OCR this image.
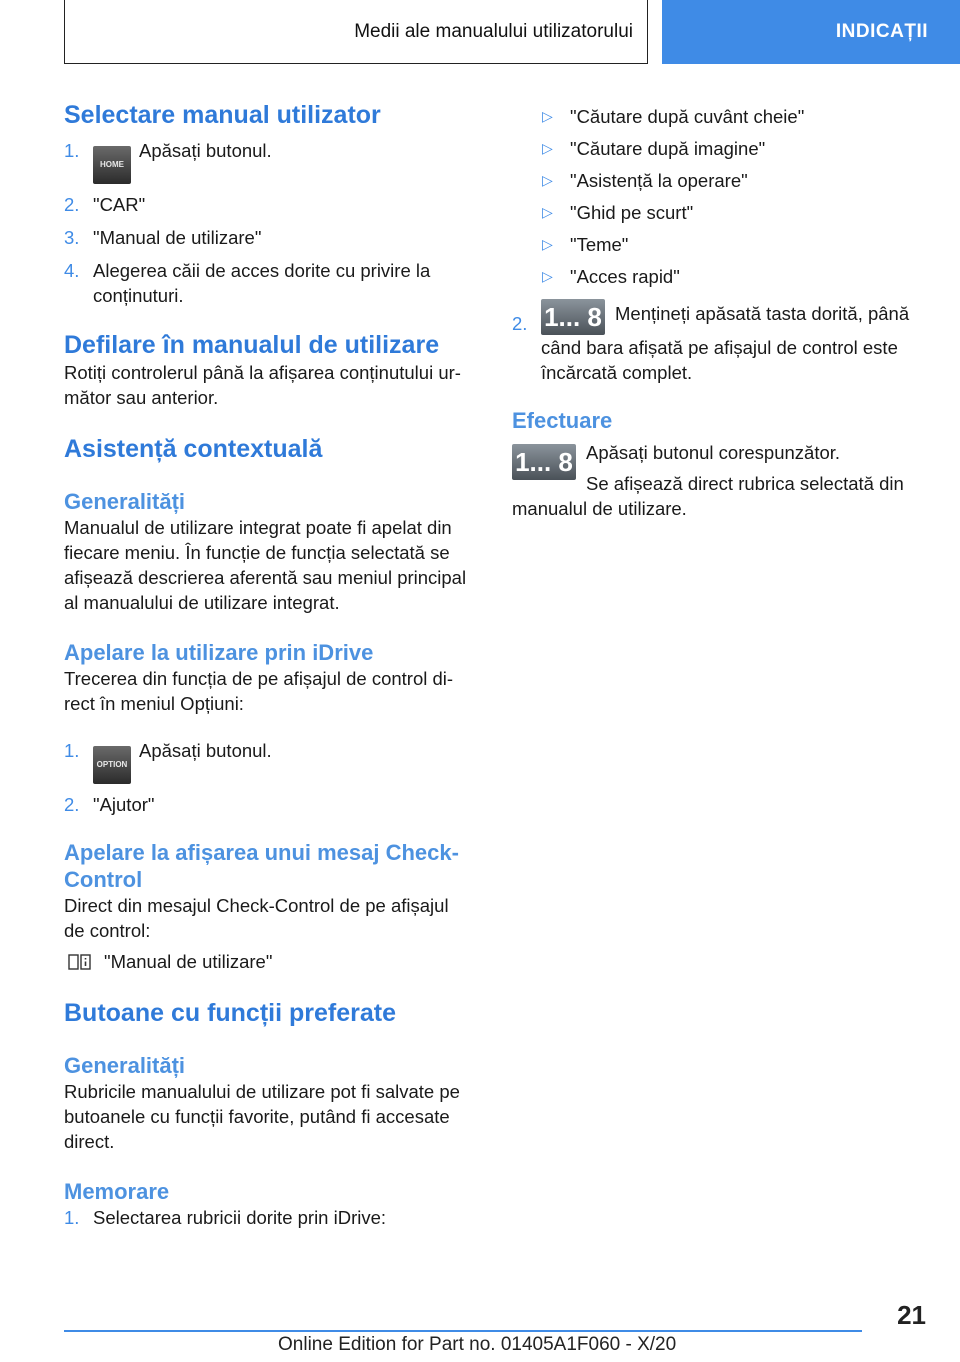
Medii ale manualului utilizatorului	INDICAȚII
Selectare manual utilizator
1.
HOMEApăsați butonul.
2. "CAR"
3. "Manual de utilizare"
4. Alegerea căii de acces dorite cu privire la conținuturi.
Defilare în manualul de utilizare

Rotiți controlerul până la afișarea conținutului următor sau anterior.

Asistență contextuală
Generalități

Manualul de utilizare integrat poate fi apelat din fiecare meniu. În funcție de funcția selectată se afișează descrierea aferentă sau meniul principal al manualului de utilizare integrat.

Apelare la utilizare prin iDrive

Trecerea din funcția de pe afișajul de control direct în meniul Opțiuni:

1.
OPTIONApăsați butonul.
2. "Ajutor"
Apelare la afișarea unui mesaj Check-Control

Direct din mesajul Check-Control de pe afișajul de control:

"Manual de utilizare"

Butoane cu funcții preferate
Generalități

Rubricile manualului de utilizare pot fi salvate pe butoanele cu funcții favorite, putând fi accesate direct.

Memorare
1. Selectarea rubricii dorite prin iDrive:
▷ "Căutare după cuvânt cheie"
▷ "Căutare după imagine"
▷ "Asistență la operare"
▷ "Ghid pe scurt"
▷ "Teme"
▷ "Acces rapid"
2. 1... 8 Mențineți apăsată tasta dorită, până când bara afișată pe afișajul de control este încărcată complet.
Efectuare
1... 8 Apăsați butonul corespunzător.

Se afișează direct rubrica selectată din manualul de utilizare.

21
Online Edition for Part no. 01405A1F060 - X/20
